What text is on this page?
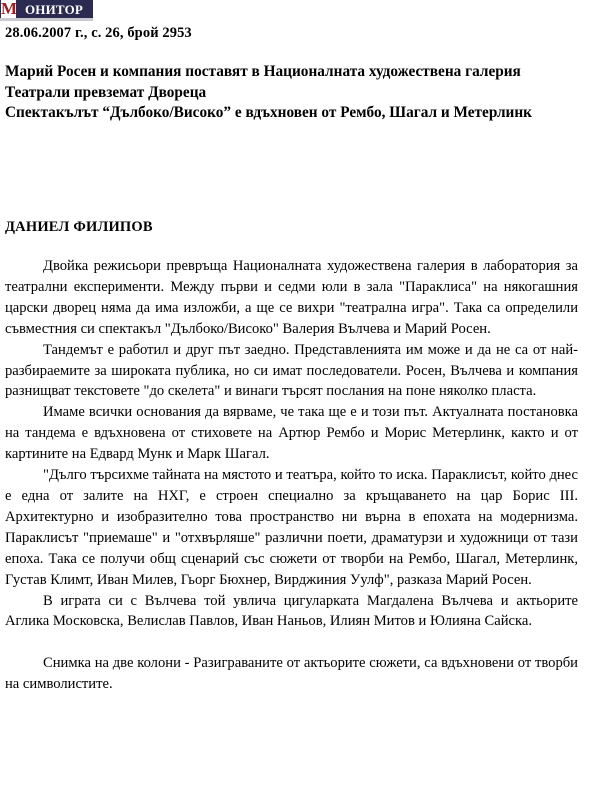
М ОНИТОР
28.06.2007 г., с. 26, брой 2953

Марий Росен и компания поставят в Националната художествена галерия

Театрали превземат Двореца

Спектакълът “Дълбоко/Високо” е вдъхновен от Рембо, Шагал и Метерлинк

ДАНИЕЛ ФИЛИПОВ

Двойка режисьори превръща Националната художествена галерия в лаборатория за театрални експерименти. Между първи и седми юли в зала "Параклиса" на някогашния царски дворец няма да има изложби, а ще се вихри "театрална игра". Така са определили съвместния си спектакъл "Дълбоко/Високо" Валерия Вълчева и Марий Росен.

Тандемът е работил и друг път заедно. Представленията им може и да не са от най-разбираемите за широката публика, но си имат последователи. Росен, Вълчева и компания разнищват текстовете "до скелета" и винаги търсят послания на поне няколко пласта.

Имаме всички основания да вярваме, че така ще е и този път. Актуалната постановка на тандема е вдъхновена от стиховете на Артюр Рембо и Морис Метерлинк, както и от картините на Едвард Мунк и Марк Шагал.

"Дълго търсихме тайната на мястото и театъра, който то иска. Параклисът, който днес е една от залите на НХГ, е строен специално за кръщаването на цар Борис III. Архитектурно и изобразително това пространство ни върна в епохата на модернизма. Параклисът "приемаше" и "отхвърляше" различни поети, драматурзи и художници от тази епоха. Така се получи общ сценарий със сюжети от творби на Рембо, Шагал, Метерлинк, Густав Климт, Иван Милев, Гьорг Бюхнер, Вирджиния Уулф", разказа Марий Росен.

В играта си с Вълчева той увлича цигуларката Магдалена Вълчева и актьорите Аглика Московска, Велислав Павлов, Иван Наньов, Илиян Митов и Юлияна Сайска.

Снимка на две колони - Разиграваните от актьорите сюжети, са вдъхновени от творби на символистите.
